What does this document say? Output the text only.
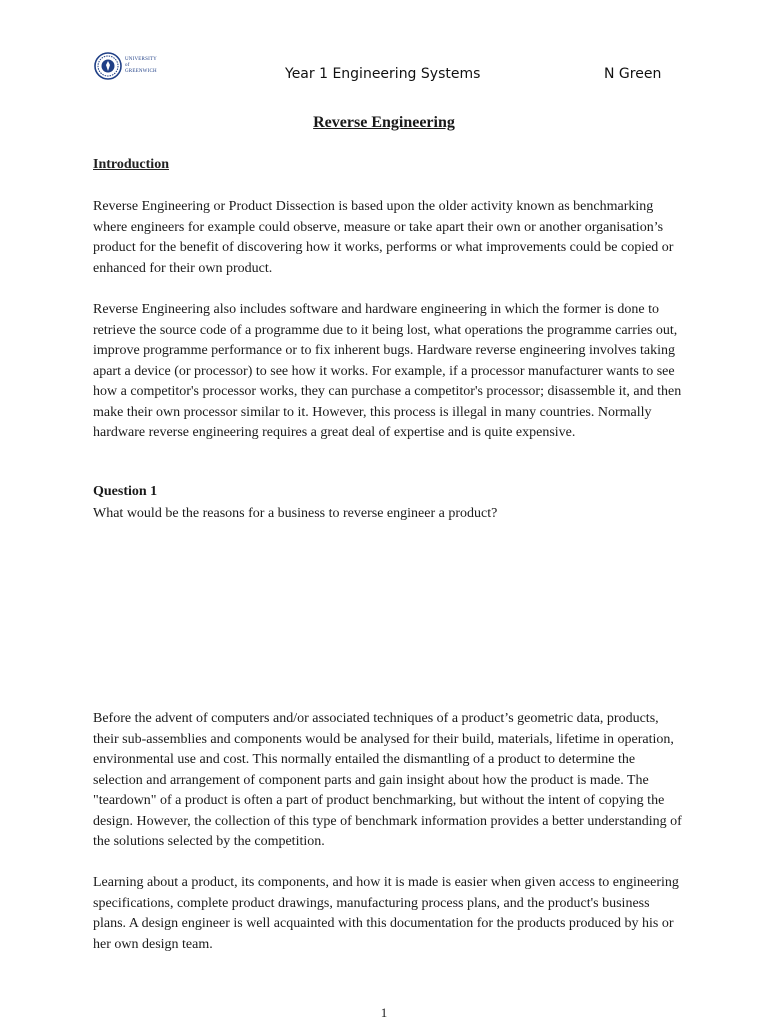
UNIVERSITY
of
GREENWICH	Year 1 Engineering Systems	N Green
Reverse Engineering
Introduction

Reverse Engineering or Product Dissection is based upon the older activity known as benchmarking where engineers for example could observe, measure or take apart their own or another organisation’s product for the benefit of discovering how it works, performs or what improvements could be copied or enhanced for their own product.

Reverse Engineering also includes software and hardware engineering in which the former is done to retrieve the source code of a programme due to it being lost, what operations the programme carries out, improve programme performance or to fix inherent bugs. Hardware reverse engineering involves taking apart a device (or processor) to see how it works. For example, if a processor manufacturer wants to see how a competitor's processor works, they can purchase a competitor's processor; disassemble it, and then make their own processor similar to it. However, this process is illegal in many countries. Normally hardware reverse engineering requires a great deal of expertise and is quite expensive.

Question 1
What would be the reasons for a business to reverse engineer a product?

Before the advent of computers and/or associated techniques of a product’s geometric data, products, their sub-assemblies and components would be analysed for their build, materials, lifetime in operation, environmental use and cost. This normally entailed the dismantling of a product to determine the selection and arrangement of component parts and gain insight about how the product is made. The "teardown" of a product is often a part of product benchmarking, but without the intent of copying the design. However, the collection of this type of benchmark information provides a better understanding of the solutions selected by the competition.

Learning about a product, its components, and how it is made is easier when given access to engineering specifications, complete product drawings, manufacturing process plans, and the product's business plans. A design engineer is well acquainted with this documentation for the products produced by his or her own design team.

1
